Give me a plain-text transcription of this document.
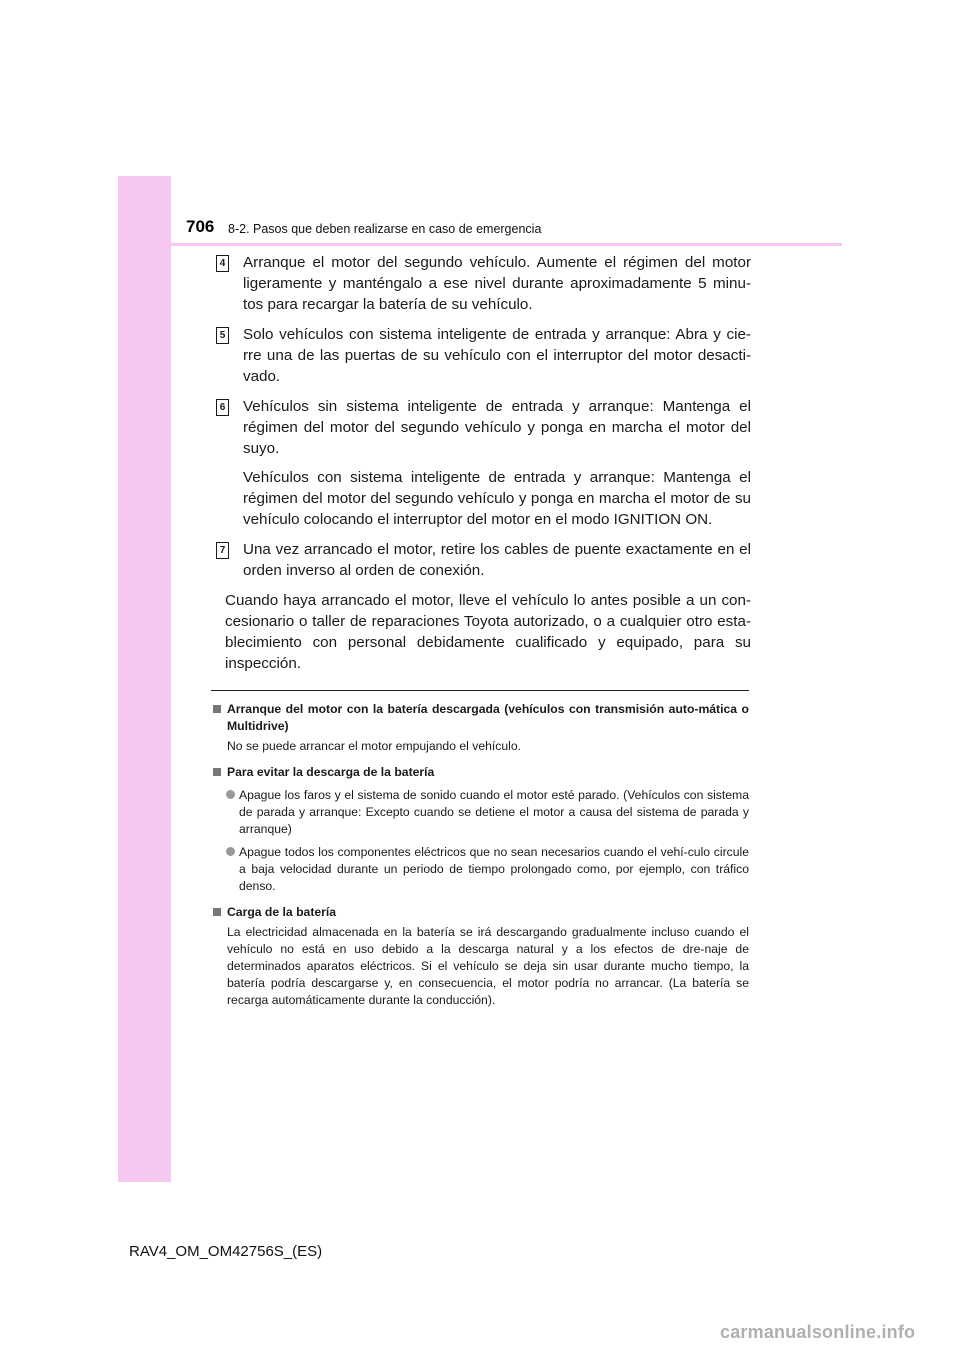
706 8-2. Pasos que deben realizarse en caso de emergencia
4 Arranque el motor del segundo vehículo. Aumente el régimen del motor ligeramente y manténgalo a ese nivel durante aproximadamente 5 minu-tos para recargar la batería de su vehículo.

5 Solo vehículos con sistema inteligente de entrada y arranque: Abra y cie-rre una de las puertas de su vehículo con el interruptor del motor desacti-vado.

6 Vehículos sin sistema inteligente de entrada y arranque: Mantenga el régimen del motor del segundo vehículo y ponga en marcha el motor del suyo.

Vehículos con sistema inteligente de entrada y arranque: Mantenga el régimen del motor del segundo vehículo y ponga en marcha el motor de su vehículo colocando el interruptor del motor en el modo IGNITION ON.

7 Una vez arrancado el motor, retire los cables de puente exactamente en el orden inverso al orden de conexión.

Cuando haya arrancado el motor, lleve el vehículo lo antes posible a un con-cesionario o taller de reparaciones Toyota autorizado, o a cualquier otro esta-blecimiento con personal debidamente cualificado y equipado, para su inspección.

Arranque del motor con la batería descargada (vehículos con transmisión auto-mática o Multidrive)
No se puede arrancar el motor empujando el vehículo.
Para evitar la descarga de la batería
Apague los faros y el sistema de sonido cuando el motor esté parado. (Vehículos con sistema de parada y arranque: Excepto cuando se detiene el motor a causa del sistema de parada y arranque)
Apague todos los componentes eléctricos que no sean necesarios cuando el vehí-culo circule a baja velocidad durante un periodo de tiempo prolongado como, por ejemplo, con tráfico denso.
Carga de la batería
La electricidad almacenada en la batería se irá descargando gradualmente incluso cuando el vehículo no está en uso debido a la descarga natural y a los efectos de dre-naje de determinados aparatos eléctricos. Si el vehículo se deja sin usar durante mucho tiempo, la batería podría descargarse y, en consecuencia, el motor podría no arrancar. (La batería se recarga automáticamente durante la conducción).
RAV4_OM_OM42756S_(ES)
carmanualsonline.info
